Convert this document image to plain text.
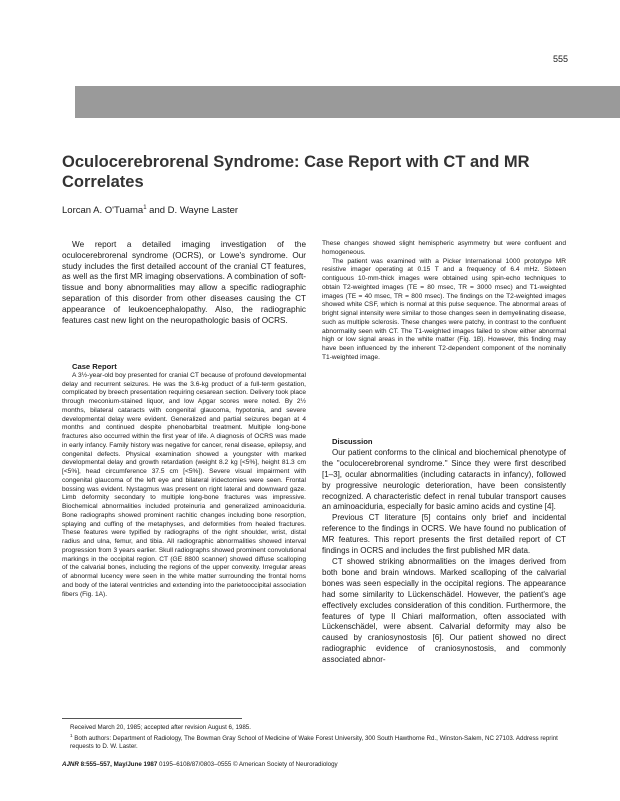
555
Oculocerebrorenal Syndrome: Case Report with CT and MR Correlates
Lorcan A. O'Tuama$^1$ and D. Wayne Laster

We report a detailed imaging investigation of the oculocerebrorenal syndrome (OCRS), or Lowe's syndrome. Our study includes the first detailed account of the cranial CT features, as well as the first MR imaging observations. A combination of soft-tissue and bony abnormalities may allow a specific radiographic separation of this disorder from other diseases causing the CT appearance of leukoencephalopathy. Also, the radiographic features cast new light on the neuropathologic basis of OCRS.

Case Report

A 3½-year-old boy presented for cranial CT because of profound developmental delay and recurrent seizures. He was the 3.6-kg product of a full-term gestation, complicated by breech presentation requiring cesarean section. Delivery took place through meconium-stained liquor, and low Apgar scores were noted. By 2½ months, bilateral cataracts with congenital glaucoma, hypotonia, and severe developmental delay were evident. Generalized and partial seizures began at 4 months and continued despite phenobarbital treatment. Multiple long-bone fractures also occurred within the first year of life. A diagnosis of OCRS was made in early infancy. Family history was negative for cancer, renal disease, epilepsy, and congenital defects. Physical examination showed a youngster with marked developmental delay and growth retardation (weight 8.2 kg [<5%], height 81.3 cm [<5%], head circumference 37.5 cm [<5%]). Severe visual impairment with congenital glaucoma of the left eye and bilateral iridectomies were seen. Frontal bossing was evident. Nystagmus was present on right lateral and downward gaze. Limb deformity secondary to multiple long-bone fractures was impressive. Biochemical abnormalities included proteinuria and generalized aminoaciduria. Bone radiographs showed prominent rachitic changes including bone resorption, splaying and cuffing of the metaphyses, and deformities from healed fractures. These features were typified by radiographs of the right shoulder, wrist, distal radius and ulna, femur, and tibia. All radiographic abnormalities showed interval progression from 3 years earlier. Skull radiographs showed prominent convolutional markings in the occipital region. CT (GE 8800 scanner) showed diffuse scalloping of the calvarial bones, including the regions of the upper convexity. Irregular areas of abnormal lucency were seen in the white matter surrounding the frontal horns and body of the lateral ventricles and extending into the parietooccipital association fibers (Fig. 1A).

These changes showed slight hemispheric asymmetry but were confluent and homogeneous.

The patient was examined with a Picker International 1000 prototype MR resistive imager operating at 0.15 T and a frequency of 6.4 mHz. Sixteen contiguous 10-mm-thick images were obtained using spin-echo techniques to obtain T2-weighted images (TE = 80 msec, TR = 3000 msec) and T1-weighted images (TE = 40 msec, TR = 800 msec). The findings on the T2-weighted images showed white CSF, which is normal at this pulse sequence. The abnormal areas of bright signal intensity were similar to those changes seen in demyelinating disease, such as multiple sclerosis. These changes were patchy, in contrast to the confluent abnormality seen with CT. The T1-weighted images failed to show either abnormal high or low signal areas in the white matter (Fig. 1B). However, this finding may have been influenced by the inherent T2-dependent component of the nominally T1-weighted image.

Discussion

Our patient conforms to the clinical and biochemical phenotype of the "oculocerebrorenal syndrome." Since they were first described [1–3], ocular abnormalities (including cataracts in infancy), followed by progressive neurologic deterioration, have been consistently recognized. A characteristic defect in renal tubular transport causes an aminoaciduria, especially for basic amino acids and cystine [4].

Previous CT literature [5] contains only brief and incidental reference to the findings in OCRS. We have found no publication of MR features. This report presents the first detailed report of CT findings in OCRS and includes the first published MR data.

CT showed striking abnormalities on the images derived from both bone and brain windows. Marked scalloping of the calvarial bones was seen especially in the occipital regions. The appearance had some similarity to Lückenschädel. However, the patient's age effectively excludes consideration of this condition. Furthermore, the features of type II Chiari malformation, often associated with Lückenschädel, were absent. Calvarial deformity may also be caused by craniosynostosis [6]. Our patient showed no direct radiographic evidence of craniosynostosis, and commonly associated abnor-

Received March 20, 1985; accepted after revision August 6, 1985.

$^1$ Both authors: Department of Radiology, The Bowman Gray School of Medicine of Wake Forest University, 300 South Hawthorne Rd., Winston-Salem, NC 27103. Address reprint requests to D. W. Laster.

AJNR 8:555–557, May/June 1987 0195–6108/87/0803–0555 © American Society of Neuroradiology
